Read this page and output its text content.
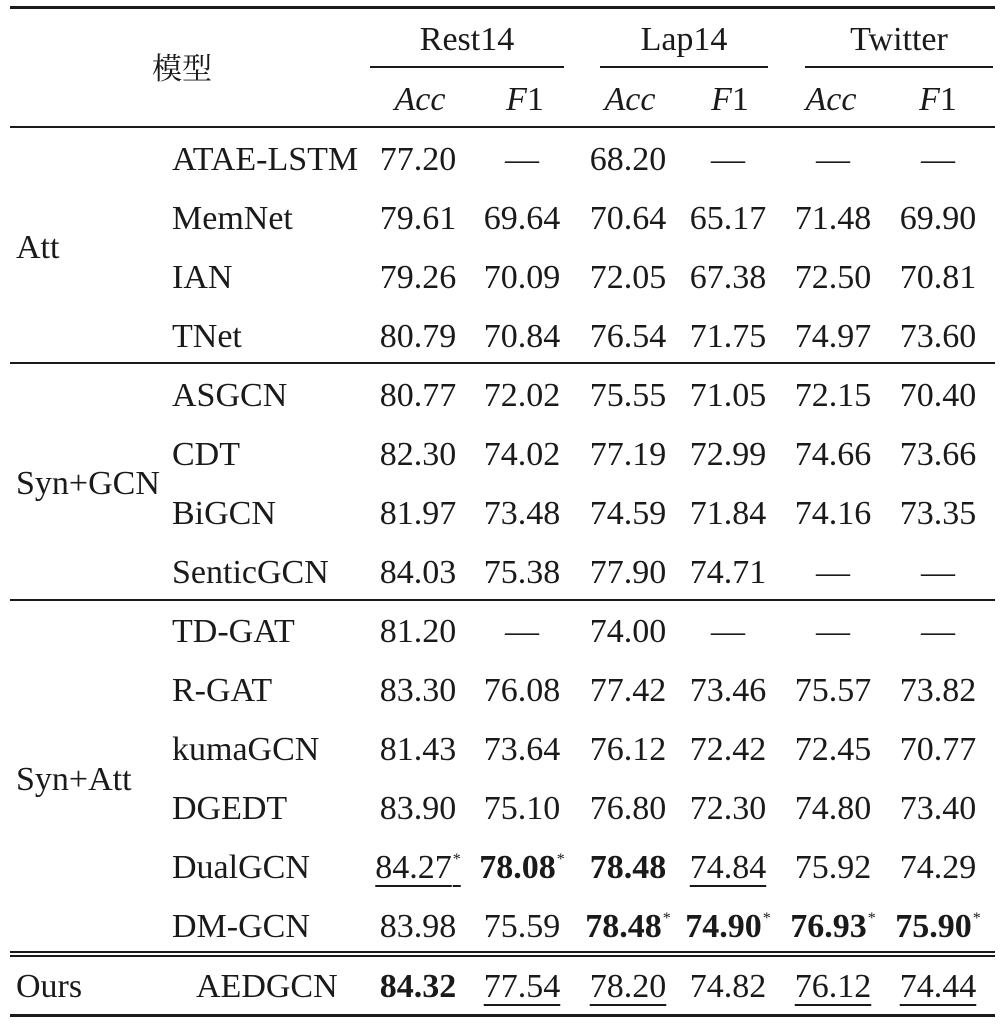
模型
Rest14	Lap14	Twitter
Acc	F1	Acc	F1	Acc	F1
Att
ATAE-LSTM 77.20	—	68.20	—	—	—
MemNet	79.61 69.64 70.64 65.17 71.48 69.90
IAN	79.26 70.09 72.05 67.38 72.50 70.81
TNet	80.79 70.84 76.54 71.75 74.97 73.60
Syn+GCN
ASGCN	80.77 72.02 75.55 71.05 72.15 70.40
CDT	82.30 74.02 77.19 72.99 74.66 73.66
BiGCN	81.97 73.48 74.59 71.84 74.16 73.35
SenticGCN	84.03 75.38 77.90 74.71	—	—
Syn+Att
TD-GAT	81.20	—	74.00	—	—	—
R-GAT	83.30 76.08 77.42 73.46 75.57 73.82
kumaGCN	81.43 73.64 76.12 72.42 72.45 70.77
DGEDT	83.90 75.10 76.80 72.30 74.80 73.40
DualGCN	84.27* 78.08* 78.48 74.84 75.92 74.29
DM-GCN	83.98 75.59 78.48* 74.90* 76.93* 75.90*
Ours	AEDGCN	84.32 77.54 78.20 74.82 76.12 74.44
